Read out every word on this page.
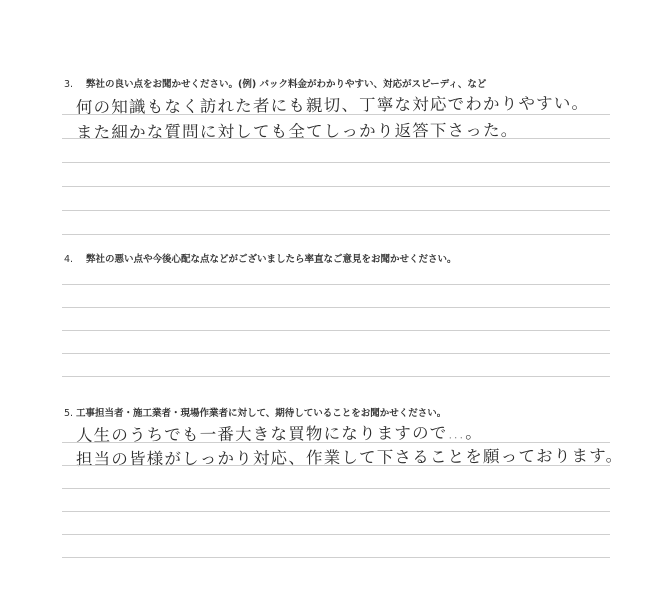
3. 弊社の良い点をお聞かせください。(例) パック料金がわかりやすい、対応がスピーディ、など
何の知識もなく訪れた者にも親切、丁寧な対応でわかりやすい。
また細かな質問に対しても全てしっかり返答下さった。
4. 弊社の悪い点や今後心配な点などがございましたら率直なご意見をお聞かせください。
5. 工事担当者・施工業者・現場作業者に対して、期待していることをお聞かせください。
人生のうちでも一番大きな買物になりますので…。
担当の皆様がしっかり対応、作業して下さることを願っております。
